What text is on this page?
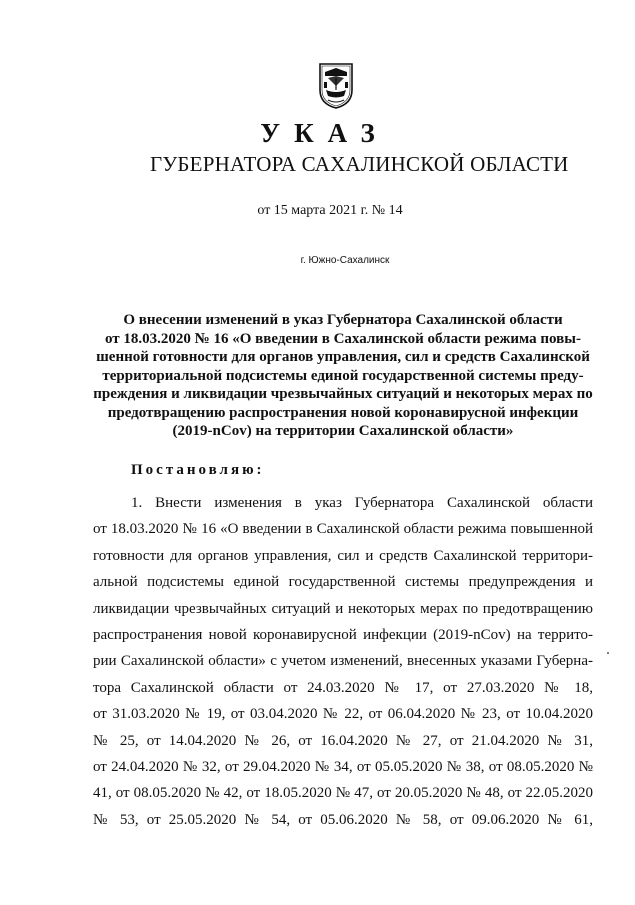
УКАЗ
ГУБЕРНАТОРА САХАЛИНСКОЙ ОБЛАСТИ
от 15 марта 2021 г. № 14
г. Южно-Сахалинск
О внесении изменений в указ Губернатора Сахалинской области
от 18.03.2020 № 16 «О введении в Сахалинской области режима повы-
шенной готовности для органов управления, сил и средств Сахалинской
территориальной подсистемы единой государственной системы преду-
преждения и ликвидации чрезвычайных ситуаций и некоторых мерах по
предотвращению распространения новой коронавирусной инфекции
(2019-nCov) на территории Сахалинской области»
Постановляю:
1. Внести изменения в указ Губернатора Сахалинской области
от 18.03.2020 № 16 «О введении в Сахалинской области режима повышенной
готовности для органов управления, сил и средств Сахалинской территори-
альной подсистемы единой государственной системы предупреждения и
ликвидации чрезвычайных ситуаций и некоторых мерах по предотвращению
распространения новой коронавирусной инфекции (2019-nCov) на террито-
рии Сахалинской области» с учетом изменений, внесенных указами Губерна-
тора Сахалинской области от 24.03.2020 № 17, от 27.03.2020 № 18,
от 31.03.2020 № 19, от 03.04.2020 № 22, от 06.04.2020 № 23, от 10.04.2020
№ 25, от 14.04.2020 № 26, от 16.04.2020 № 27, от 21.04.2020 № 31,
от 24.04.2020 № 32, от 29.04.2020 № 34, от 05.05.2020 № 38, от 08.05.2020 №
41, от 08.05.2020 № 42, от 18.05.2020 № 47, от 20.05.2020 № 48, от 22.05.2020
№ 53, от 25.05.2020 № 54, от 05.06.2020 № 58, от 09.06.2020 № 61,
